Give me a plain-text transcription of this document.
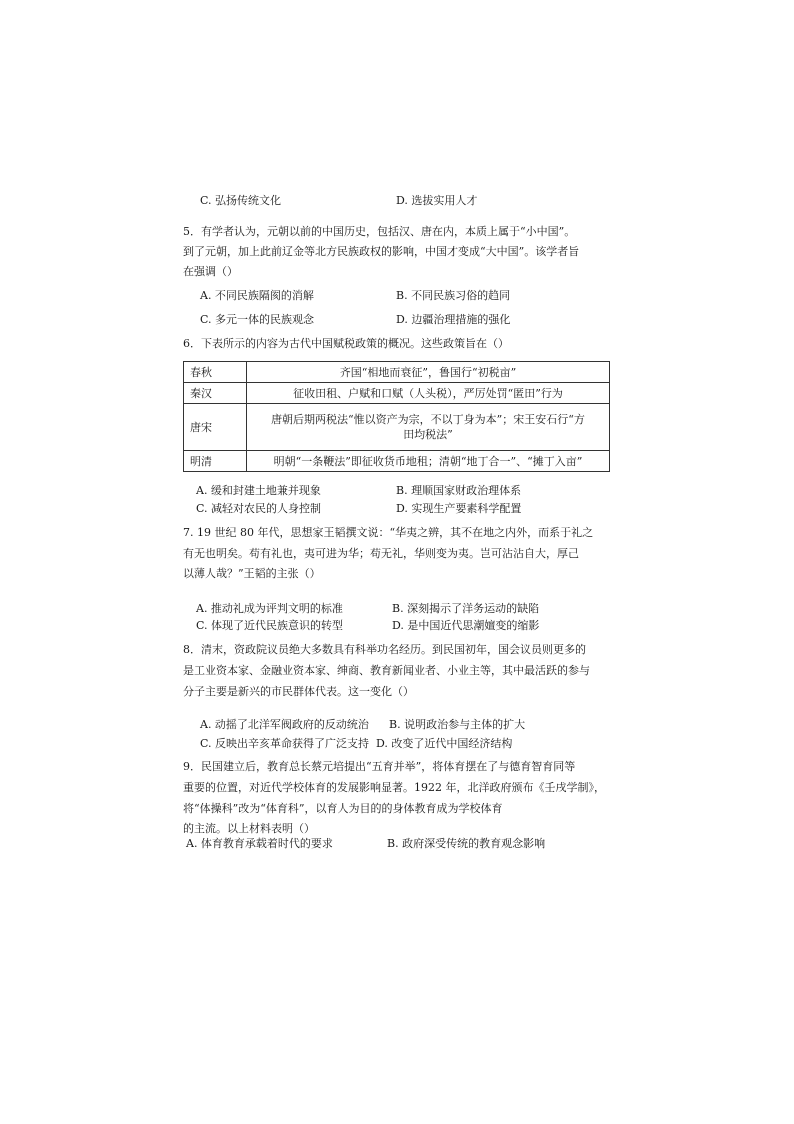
C. 弘扬传统文化	D. 选拔实用人才
5．有学者认为，元朝以前的中国历史，包括汉、唐在内，本质上属于“小中国”。
到了元朝，加上此前辽金等北方民族政权的影响，中国才变成“大中国”。该学者旨
在强调（）
A. 不同民族隔阂的消解	B. 不同民族习俗的趋同
C. 多元一体的民族观念	D. 边疆治理措施的强化
6．下表所示的内容为古代中国赋税政策的概况。这些政策旨在（）
春秋	齐国“相地而衰征”，鲁国行“初税亩”
秦汉	征收田租、户赋和口赋（人头税），严厉处罚“匿田”行为
唐宋	唐朝后期两税法“惟以资产为宗，不以丁身为本”；宋王安石行“方田均税法”
明清	明朝“一条鞭法”即征收货币地租；清朝“地丁合一”、“摊丁入亩”
A. 缓和封建土地兼并现象	B. 理顺国家财政治理体系
C. 减轻对农民的人身控制	D. 实现生产要素科学配置
7. 19 世纪 80 年代，思想家王韬撰文说：“华夷之辨，其不在地之内外，而系于礼之
有无也明矣。苟有礼也，夷可进为华；苟无礼，华则变为夷。岂可沾沾自大，厚己
以薄人哉？”王韬的主张（）
A. 推动礼成为评判文明的标准	B. 深刻揭示了洋务运动的缺陷
C. 体现了近代民族意识的转型	D. 是中国近代思潮嬗变的缩影
8．清末，资政院议员绝大多数具有科举功名经历。到民国初年，国会议员则更多的
是工业资本家、金融业资本家、绅商、教育新闻业者、小业主等，其中最活跃的参与
分子主要是新兴的市民群体代表。这一变化（）
A. 动摇了北洋军阀政府的反动统治 B. 说明政治参与主体的扩大
C. 反映出辛亥革命获得了广泛支持 D. 改变了近代中国经济结构
9．民国建立后，教育总长蔡元培提出“五育并举”，将体育摆在了与德育智育同等
重要的位置，对近代学校体育的发展影响显著。1922 年，北洋政府颁布《壬戌学制》，
将“体操科”改为“体育科”，以育人为目的的身体教育成为学校体育
的主流。以上材料表明（）
A. 体育教育承载着时代的要求	B. 政府深受传统的教育观念影响
